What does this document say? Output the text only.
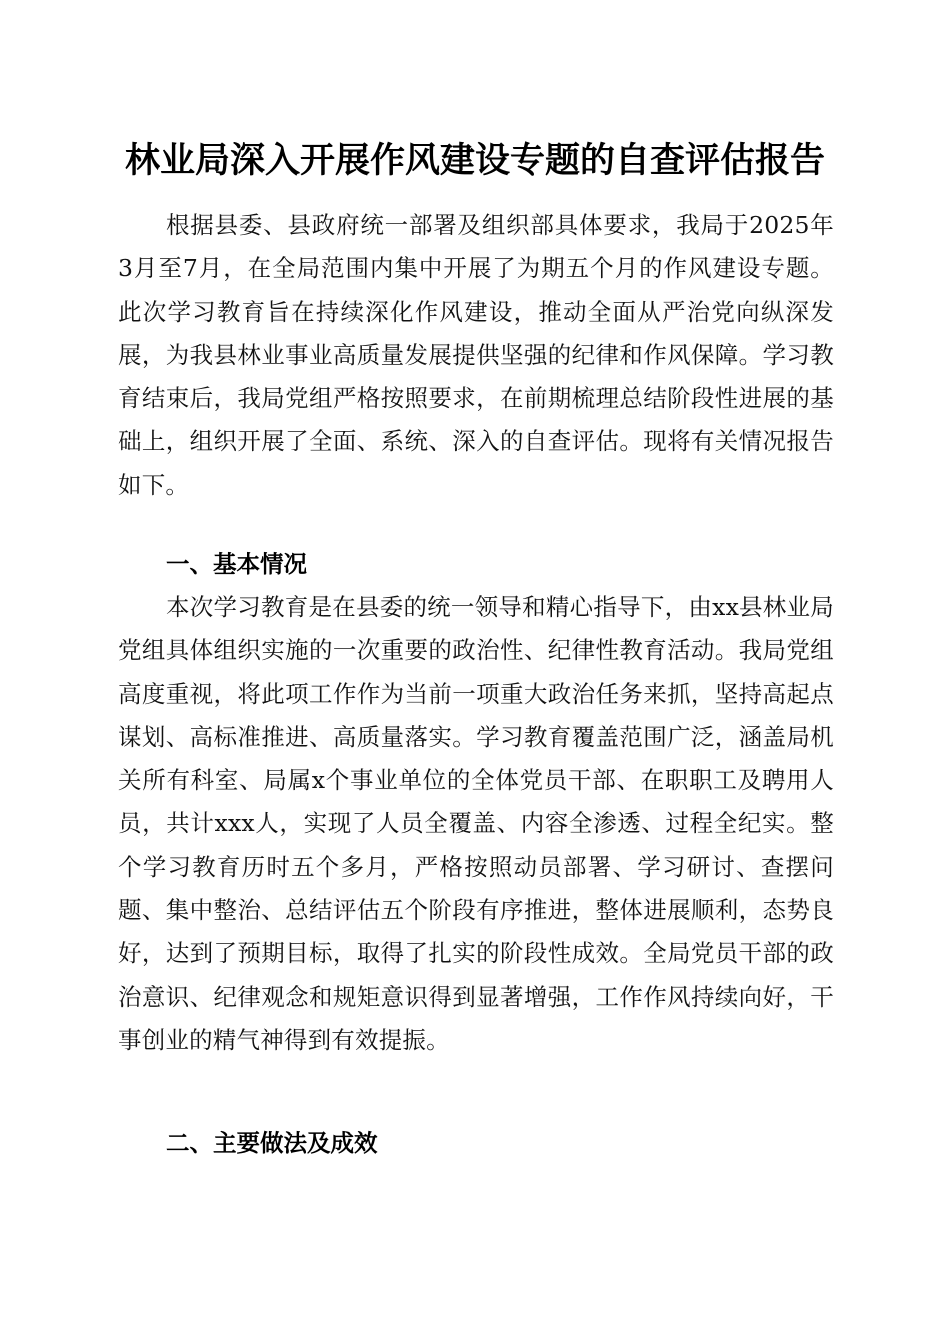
林业局深入开展作风建设专题的自查评估报告

根据县委、县政府统一部署及组织部具体要求，我局于2025年3月至7月，在全局范围内集中开展了为期五个月的作风建设专题。此次学习教育旨在持续深化作风建设，推动全面从严治党向纵深发展，为我县林业事业高质量发展提供坚强的纪律和作风保障。学习教育结束后，我局党组严格按照要求，在前期梳理总结阶段性进展的基础上，组织开展了全面、系统、深入的自查评估。现将有关情况报告如下。

一、基本情况

本次学习教育是在县委的统一领导和精心指导下，由xx县林业局党组具体组织实施的一次重要的政治性、纪律性教育活动。我局党组高度重视，将此项工作作为当前一项重大政治任务来抓，坚持高起点谋划、高标准推进、高质量落实。学习教育覆盖范围广泛，涵盖局机关所有科室、局属x个事业单位的全体党员干部、在职职工及聘用人员，共计xxx人，实现了人员全覆盖、内容全渗透、过程全纪实。整个学习教育历时五个多月，严格按照动员部署、学习研讨、查摆问题、集中整治、总结评估五个阶段有序推进，整体进展顺利，态势良好，达到了预期目标，取得了扎实的阶段性成效。全局党员干部的政治意识、纪律观念和规矩意识得到显著增强，工作作风持续向好，干事创业的精气神得到有效提振。

二、主要做法及成效
